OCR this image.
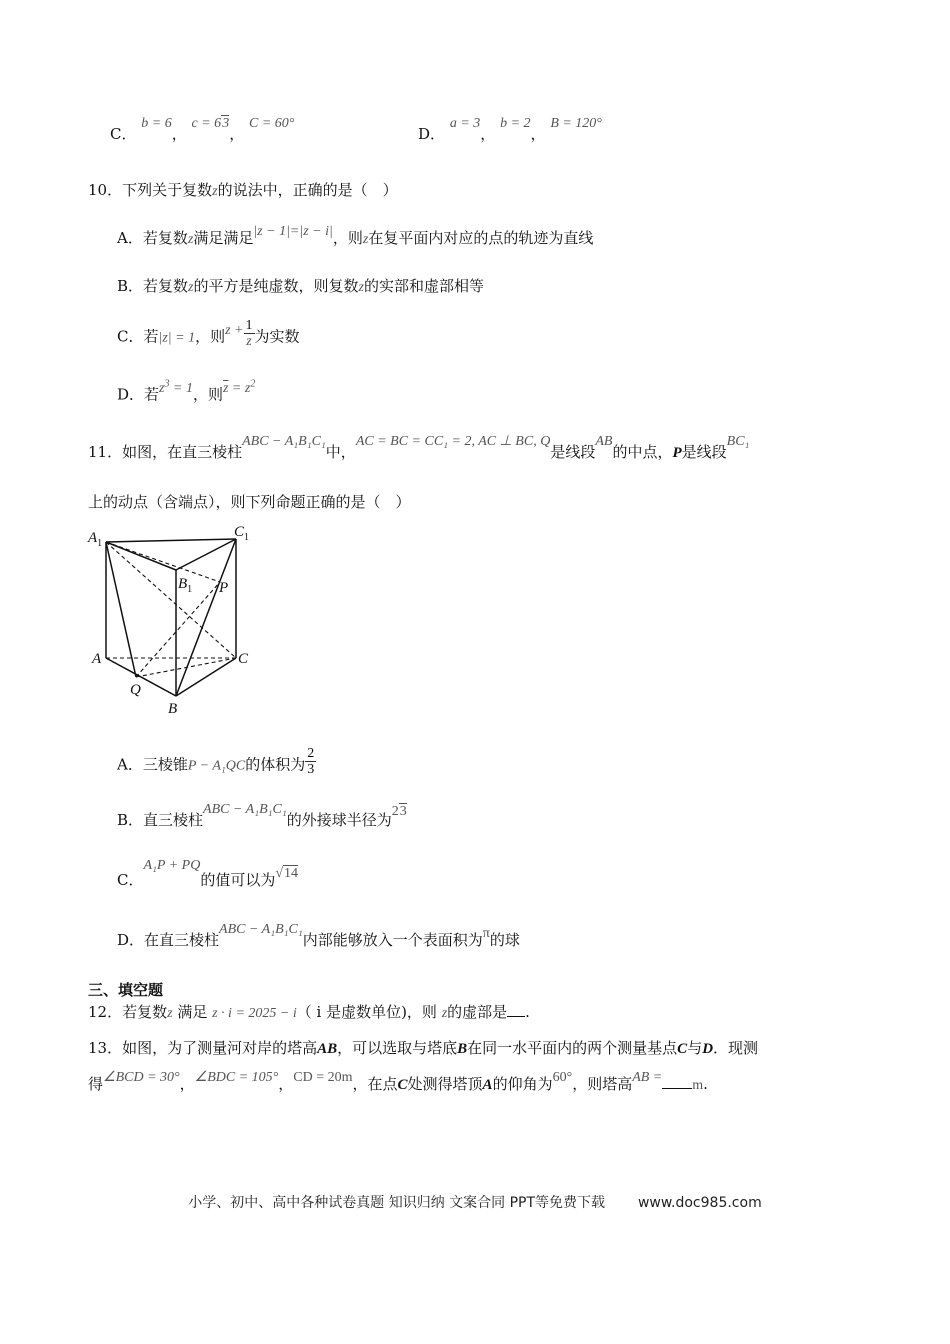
C． b = 6， c = 63， C = 60°
D． a = 3， b = 2， B = 120°
10．下列关于复数z的说法中，正确的是（　）
A．若复数z满足满足|z − 1|=|z − i|，则z在复平面内对应的点的轨迹为直线
B．若复数z的平方是纯虚数，则复数z的实部和虚部相等
C．若|z| = 1，则$z + \frac{1}{z}$ 为实数
D．若$z^3 = 1$，则$\overline{z} = z^2$
11．如图，在直三棱柱ABC − A₁B₁C₁中，AC = BC = CC₁ = 2, AC ⊥ BC, Q是线段AB的中点，P是线段BC₁
上的动点（含端点），则下列命题正确的是（　）
$A_1$
$C_1$
$B_1$ P
A	C
Q
B
A．三棱锥P − A₁QC的体积为 $\frac{2}{3}$
B．直三棱柱ABC − A₁B₁C₁的外接球半径为23
C．A₁P + PQ的值可以为√14
D．在直三棱柱ABC − A₁B₁C₁内部能够放入一个表面积为π的球
三、填空题
12．若复数z 满足 z · i = 2025 − i（ i 是虚数单位)，则 z的虚部是 .
13．如图，为了测量河对岸的塔高AB，可以选取与塔底B在同一水平面内的两个测量基点C与D．现测
得∠BCD = 30°，∠BDC = 105°，CD = 20m，在点C处测得塔顶A的仰角为60°，则塔高AB =m.
小学、初中、高中各种试卷真题 知识归纳 文案合同 PPT等免费下载 www.doc985.com
